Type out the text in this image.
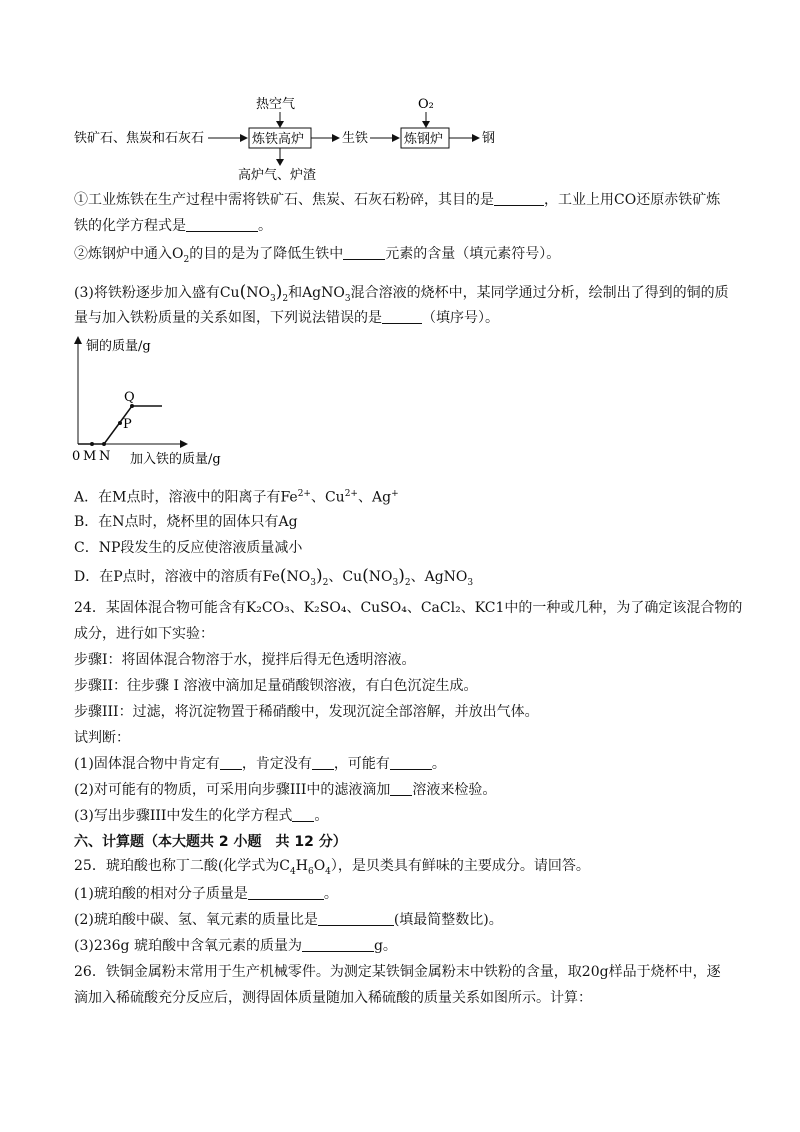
铁矿石、焦炭和石灰石	炼铁高炉
热空气
高炉气、炉渣
生铁	炼钢炉
O₂
钢
①工业炼铁在生产过程中需将铁矿石、焦炭、石灰石粉碎，其目的是	，工业上用CO还原赤铁矿炼
铁的化学方程式是	。
②炼钢炉中通入$O_2$的目的是为了降低生铁中	元素的含量（填元素符号）。
(3)将铁粉逐步加入盛有$Cu(NO_3)_2$和AgNO$_3$混合溶液的烧杯中，某同学通过分析，绘制出了得到的铜的质
量与加入铁粉质量的关系如图，下列说法错误的是	（填序号）。
铜的质量/g
0 M N
P
Q
加入铁的质量/g
A．在M点时，溶液中的阳离子有$Fe^{2+}$、$Cu^{2+}$、Ag+
B．在N点时，烧杯里的固体只有Ag
C．NP段发生的反应使溶液质量减小
D．在P点时，溶液中的溶质有$Fe(NO_3)_2$、$Cu(NO_3)_2$、AgNO$_3$
24．某固体混合物可能含有K₂CO₃、K₂SO₄、CuSO₄、CaCl₂、KC1中的一种或几种，为了确定该混合物的
成分，进行如下实验：
步骤I：将固体混合物溶于水，搅拌后得无色透明溶液。
步骤II：往步骤 I 溶液中滴加足量硝酸钡溶液，有白色沉淀生成。
步骤III：过滤，将沉淀物置于稀硝酸中，发现沉淀全部溶解，并放出气体。
试判断：
(1)固体混合物中肯定有 ，肯定没有 ，可能有	。
(2)对可能有的物质，可采用向步骤III中的滤液滴加 溶液来检验。
(3)写出步骤III中发生的化学方程式 。
六、计算题（本大题共 2 小题　共 12 分）
25．琥珀酸也称丁二酸(化学式为$C_4H_6O_4$），是贝类具有鲜味的主要成分。请回答。
(1)琥珀酸的相对分子质量是	。
(2)琥珀酸中碳、氢、氧元素的质量比是	(填最简整数比)。
(3)236g 琥珀酸中含氧元素的质量为	g。
26．铁铜金属粉末常用于生产机械零件。为测定某铁铜金属粉末中铁粉的含量，取20g样品于烧杯中，逐
滴加入稀硫酸充分反应后，测得固体质量随加入稀硫酸的质量关系如图所示。计算：
